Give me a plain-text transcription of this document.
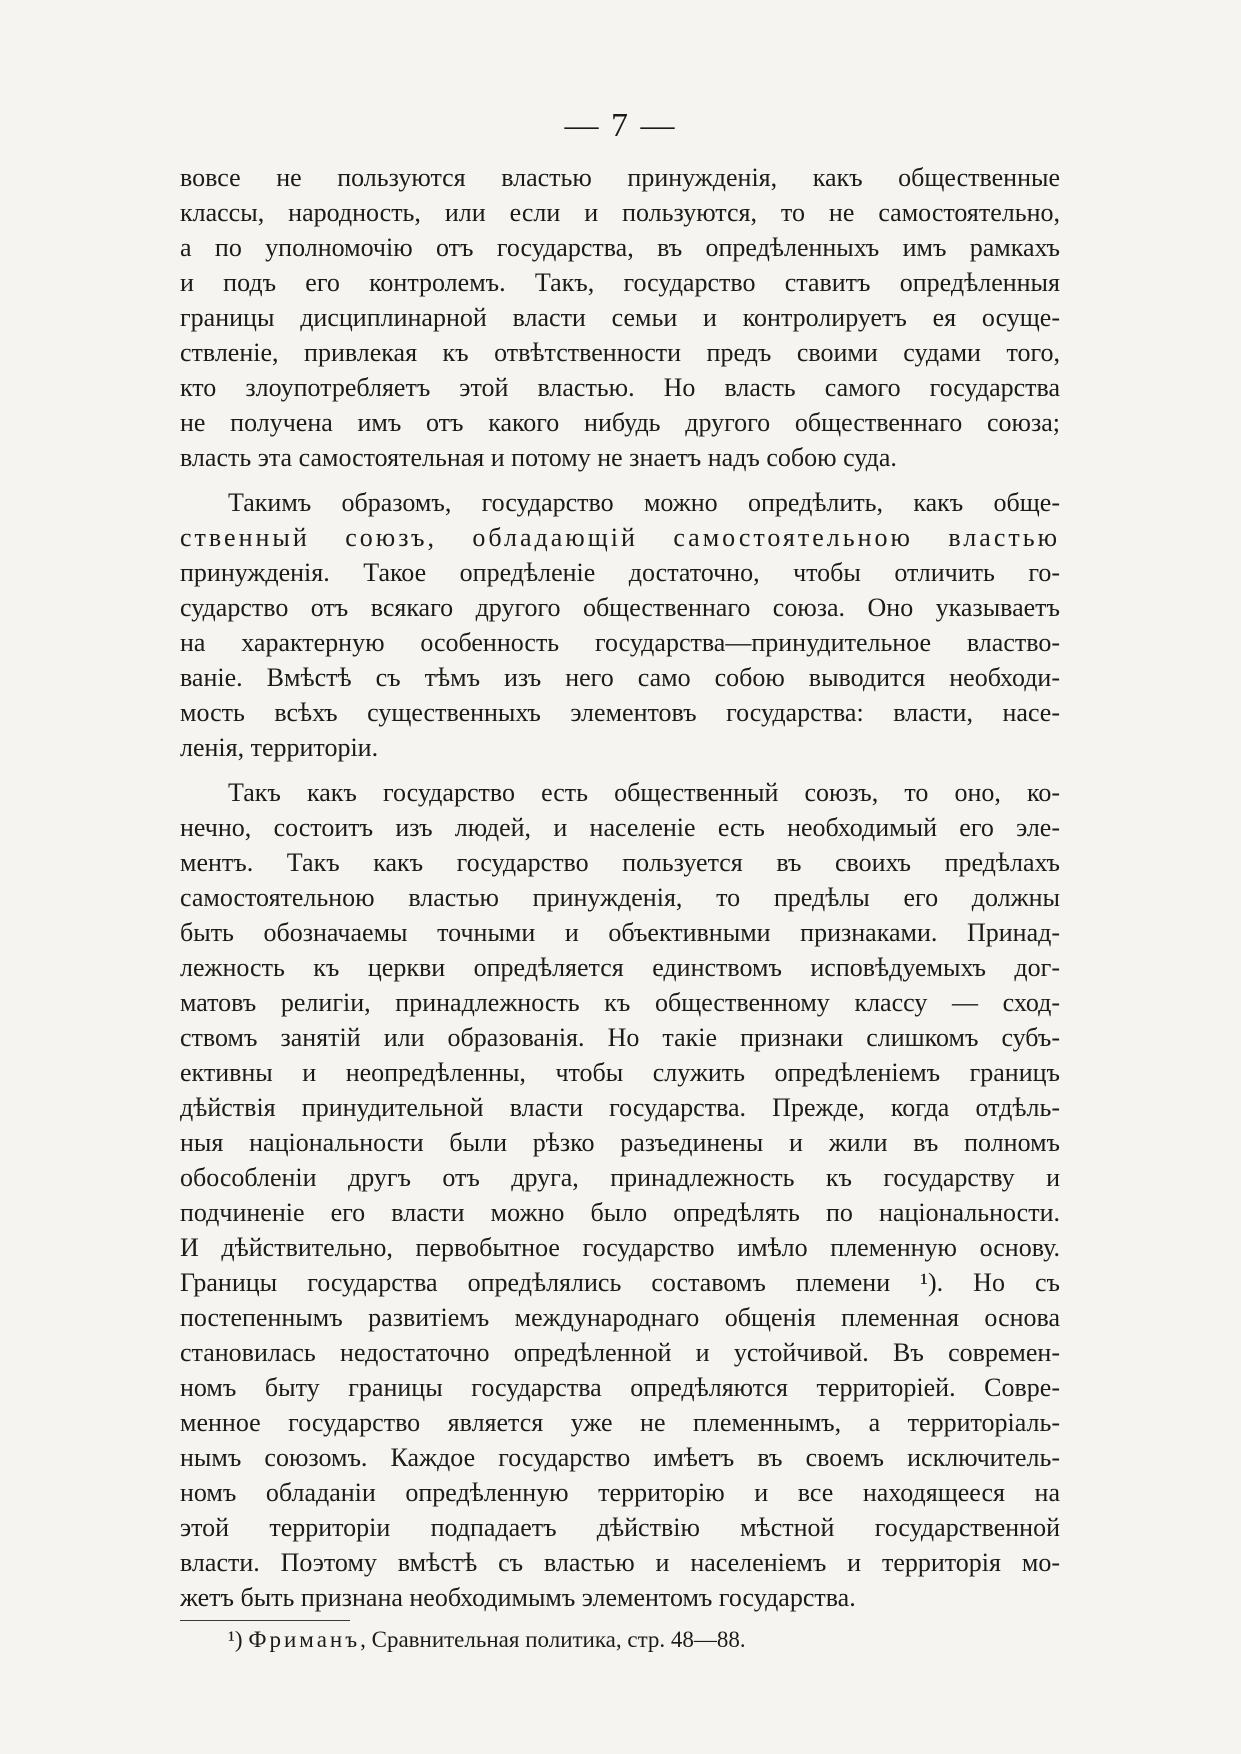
— 7 —
вовсе не пользуются властью принужденія, какъ общественные
классы, народность, или если и пользуются, то не самостоятельно,
а по уполномочію отъ государства, въ опредѣленныхъ имъ рамкахъ
и подъ его контролемъ. Такъ, государство ставитъ опредѣленныя
границы дисциплинарной власти семьи и контролируетъ ея осуще-
ствленіе, привлекая къ отвѣтственности предъ своими судами того,
кто злоупотребляетъ этой властью. Но власть самого государства
не получена имъ отъ какого нибудь другого общественнаго союза;
власть эта самостоятельная и потому не знаетъ надъ собою суда.
Такимъ образомъ, государство можно опредѣлить, какъ обще-
ственный союзъ, обладающій самостоятельною властью
принужденія. Такое опредѣленіе достаточно, чтобы отличить го-
сударство отъ всякаго другого общественнаго союза. Оно указываетъ
на характерную особенность государства—принудительное властво-
ваніе. Вмѣстѣ съ тѣмъ изъ него само собою выводится необходи-
мость всѣхъ существенныхъ элементовъ государства: власти, насе-
ленія, территоріи.
Такъ какъ государство есть общественный союзъ, то оно, ко-
нечно, состоитъ изъ людей, и населеніе есть необходимый его эле-
ментъ. Такъ какъ государство пользуется въ своихъ предѣлахъ
самостоятельною властью принужденія, то предѣлы его должны
быть обозначаемы точными и объективными признаками. Принад-
лежность къ церкви опредѣляется единствомъ исповѣдуемыхъ дог-
матовъ религіи, принадлежность къ общественному классу — сход-
ствомъ занятій или образованія. Но такіе признаки слишкомъ субъ-
ективны и неопредѣленны, чтобы служить опредѣленіемъ границъ
дѣйствія принудительной власти государства. Прежде, когда отдѣль-
ныя національности были рѣзко разъединены и жили въ полномъ
обособленіи другъ отъ друга, принадлежность къ государству и
подчиненіе его власти можно было опредѣлять по національности.
И дѣйствительно, первобытное государство имѣло племенную основу.
Границы государства опредѣлялись составомъ племени ¹). Но съ
постепеннымъ развитіемъ международнаго общенія племенная основа
становилась недостаточно опредѣленной и устойчивой. Въ современ-
номъ быту границы государства опредѣляются территоріей. Совре-
менное государство является уже не племеннымъ, а территоріаль-
нымъ союзомъ. Каждое государство имѣетъ въ своемъ исключитель-
номъ обладаніи опредѣленную территорію и все находящееся на
этой территоріи подпадаетъ дѣйствію мѣстной государственной
власти. Поэтому вмѣстѣ съ властью и населеніемъ и территорія мо-
жетъ быть признана необходимымъ элементомъ государства.
¹) Фриманъ, Сравнительная политика, стр. 48—88.
